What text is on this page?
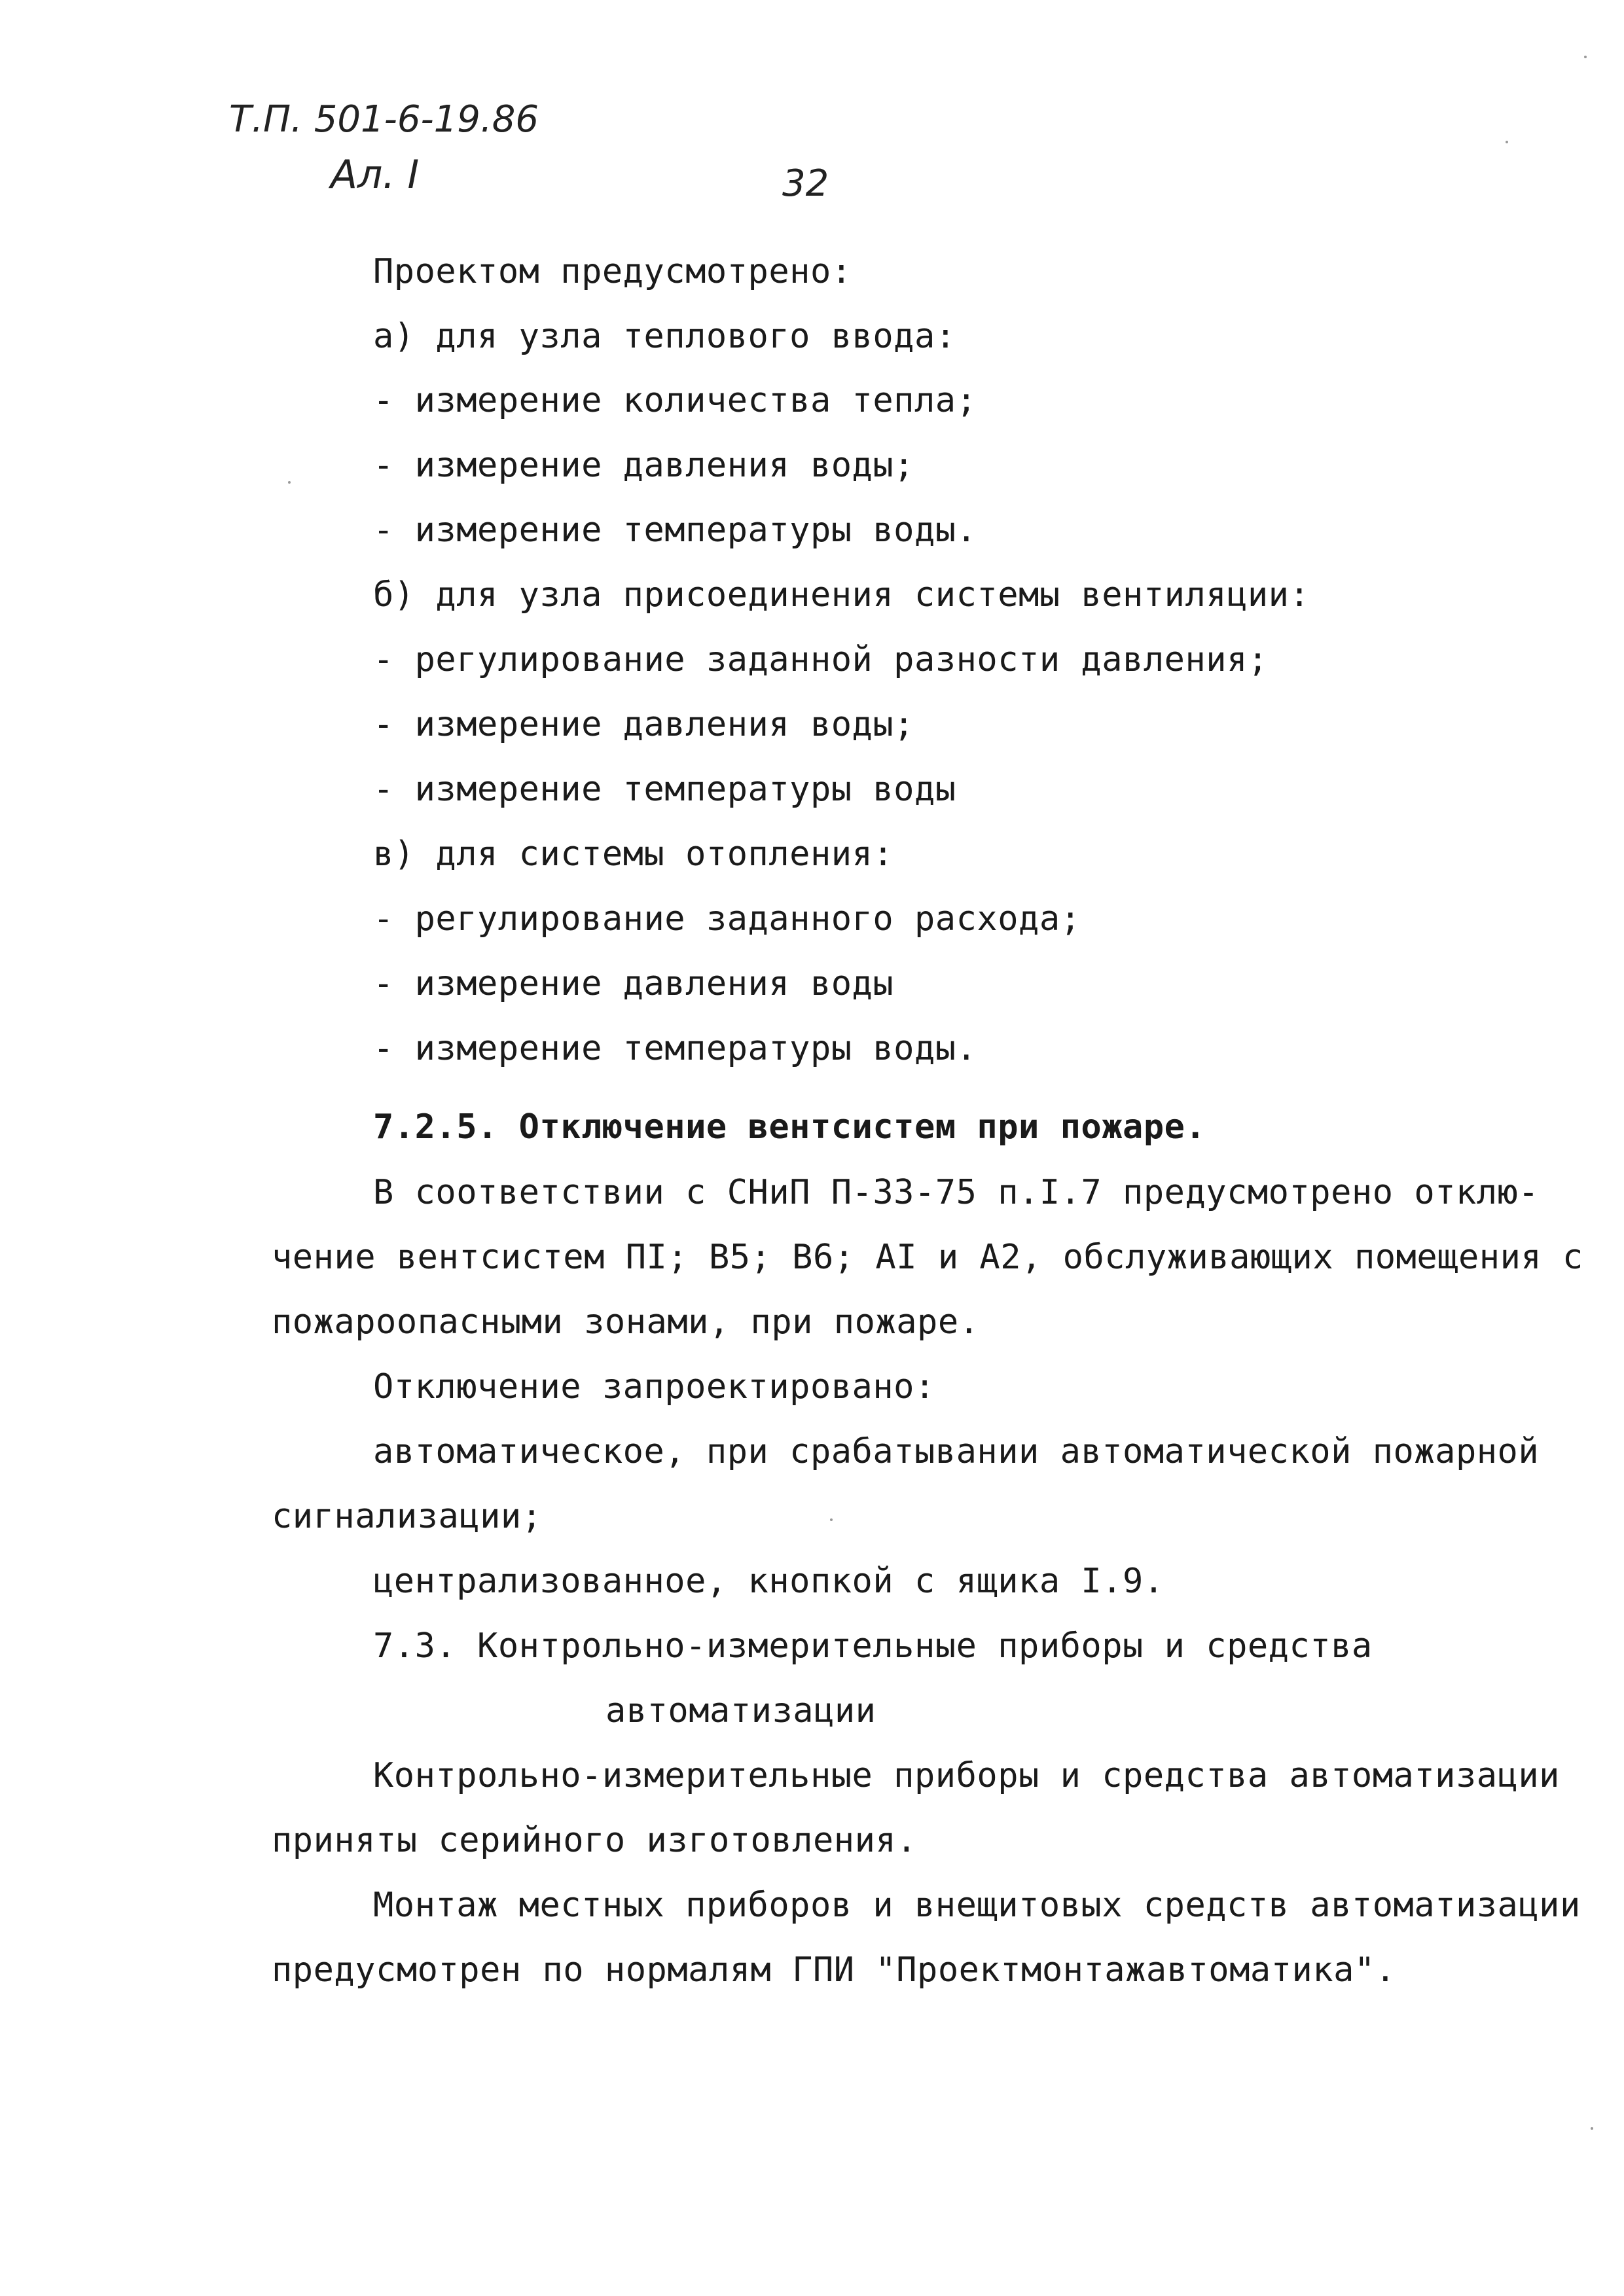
Т.П. 501-6-19.86
Ал. I	32
Проектом предусмотрено:
а) для узла теплового ввода:
- измерение количества тепла;
- измерение давления воды;
- измерение температуры воды.
б) для узла присоединения системы вентиляции:
- регулирование заданной разности давления;
- измерение давления воды;
- измерение температуры воды
в) для системы отопления:
- регулирование заданного расхода;
- измерение давления воды
- измерение температуры воды.
7.2.5. Отключение вентсистем при пожаре.
В соответствии с СНиП П-33-75 п.I.7 предусмотрено отклю-
чение вентсистем ПI; В5; В6; АI и А2, обслуживающих помещения с
пожароопасными зонами, при пожаре.
Отключение запроектировано:
автоматическое, при срабатывании автоматической пожарной
сигнализации;
централизованное, кнопкой с ящика I.9.
7.3. Контрольно-измерительные приборы и средства
автоматизации
Контрольно-измерительные приборы и средства автоматизации
приняты серийного изготовления.
Монтаж местных приборов и внещитовых средств автоматизации
предусмотрен по нормалям ГПИ "Проектмонтажавтоматика".
